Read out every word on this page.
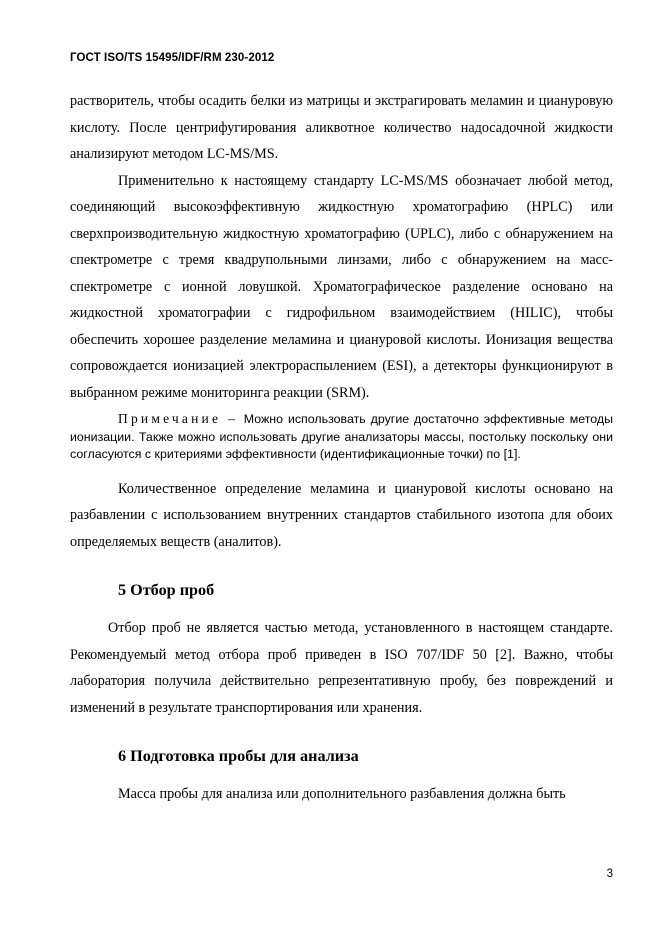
ГОСТ ISO/TS 15495/IDF/RM 230-2012

растворитель, чтобы осадить белки из матрицы и экстрагировать меламин и циануровую кислоту. После центрифугирования аликвотное количество надосадочной жидкости анализируют методом LC-MS/MS.

Применительно к настоящему стандарту LC-MS/MS обозначает любой метод, соединяющий высокоэффективную жидкостную хроматографию (HPLC) или сверхпроизводительную жидкостную хроматографию (UPLC), либо с обнаружением на спектрометре с тремя квадрупольными линзами, либо с обнаружением на масс-спектрометре с ионной ловушкой. Хроматографическое разделение основано на жидкостной хроматографии с гидрофильном взаимодействием (HILIC), чтобы обеспечить хорошее разделение меламина и циануровой кислоты. Ионизация вещества сопровождается ионизацией электрораспылением (ESI), а детекторы функционируют в выбранном режиме мониторинга реакции (SRM).

Примечание – Можно использовать другие достаточно эффективные методы ионизации. Также можно использовать другие анализаторы массы, постольку поскольку они согласуются с критериями эффективности (идентификационные точки) по [1].

Количественное определение меламина и циануровой кислоты основано на разбавлении с использованием внутренних стандартов стабильного изотопа для обоих определяемых веществ (аналитов).

5 Отбор проб

Отбор проб не является частью метода, установленного в настоящем стандарте. Рекомендуемый метод отбора проб приведен в ISO 707/IDF 50 [2]. Важно, чтобы лаборатория получила действительно репрезентативную пробу, без повреждений и изменений в результате транспортирования или хранения.

6 Подготовка пробы для анализа

Масса пробы для анализа или дополнительного разбавления должна быть

3
